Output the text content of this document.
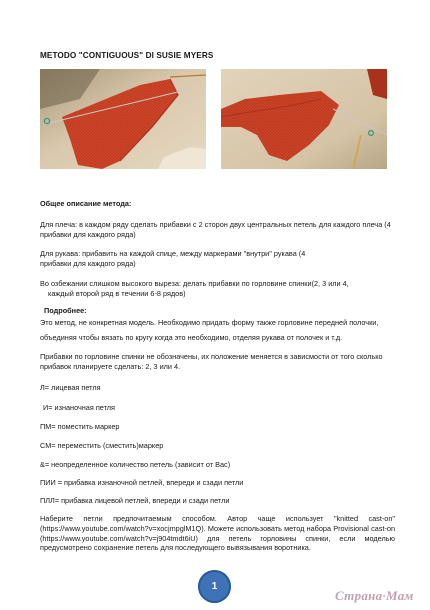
METODO "CONTIGUOUS" DI SUSIE MYERS
Общее описание метода:
Для плеча: в каждом ряду сделать прибавки с 2 сторон двух центральных петель для каждого плеча (4 прибавки для каждого ряда)
Для рукава: прибавить на каждой спице, между маркерами "внутри" рукава (4
прибавки для каждого ряда)
Во озбежании слишком высокого выреза: делать прибавки по горловине спинки(2, 3 или 4,
каждый второй ряд в течении 6-8 рядов)
Подробнее:
Это метод, не конкретная модель. Необходимо придать форму также горловине передней полочки,
объединяя чтобы вязать по кругу когда это необходимо, отделяя рукава от полочек и т.д.
Прибавки по горловине спинки не обозначены, их положение меняется в зависмости от того сколько прибавок планируете сделать: 2, 3 или 4.
Л= лицевая петля
И= изнаночная петля
ПМ= поместить маркер
СМ= переместить (сместить)маркер
&= неопределенное количество петель (зависит от Вас)
ПИИ = прибавка изнаночной петлей, впереди и сзади петли
ПЛЛ= прибавка лицевой петлей, впереди и сзади петли
Наберите петли предпочитаемым способом. Автор чаще использует "knitted cast-on" (https://www.youtube.com/watch?v=xocjmpglM1Q). Можете использовать метод набора Provisional cast-on (https://www.youtube.com/watch?v=j904tmdt6iU) для петель горловины спинки, если моделью предусмотрено сохранение петель для последующего вывязывания воротника.
1
Страна·Мам
